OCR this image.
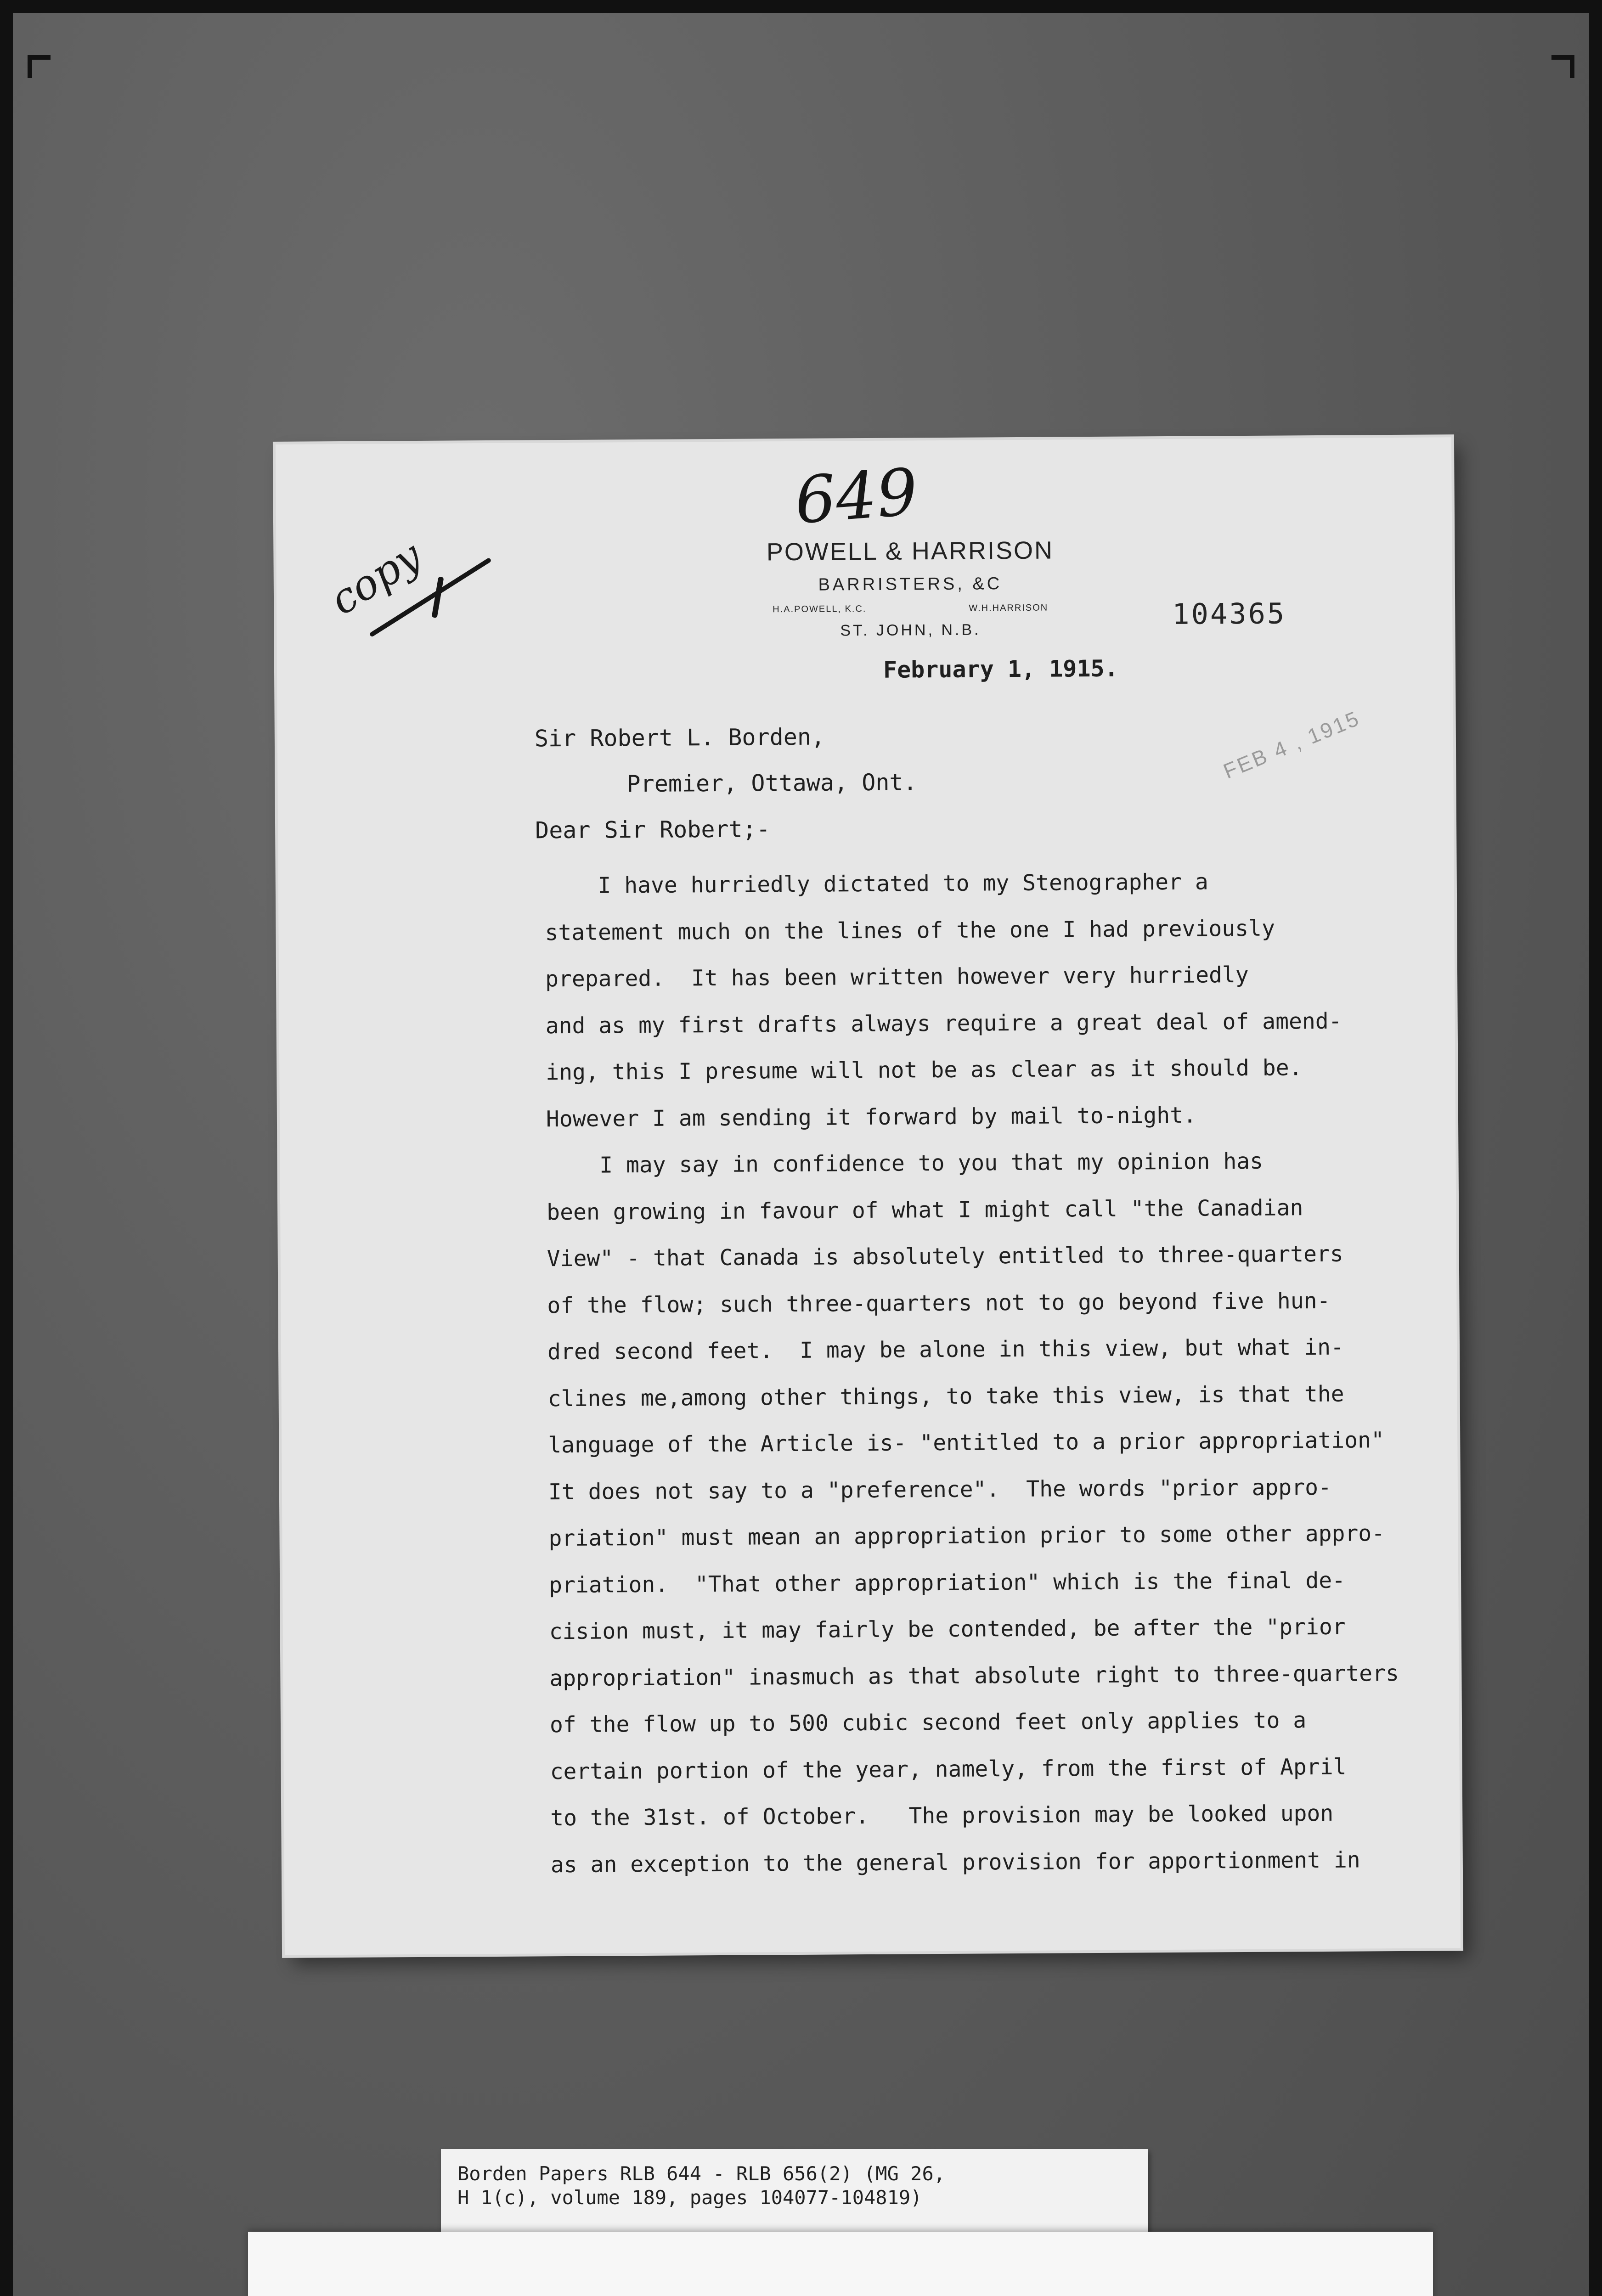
649
copy	POWELL & HARRISON
BARRISTERS, &C
H.A.POWELL, K.C.	W.H.HARRISON
ST. JOHN, N.B.	104365
FEB 4 , 1915
February 1, 1915.
Sir Robert L. Borden,
Premier, Ottawa, Ont.
Dear Sir Robert;-
I have hurriedly dictated to my Stenographer a
statement much on the lines of the one I had previously
prepared.  It has been written however very hurriedly
and as my first drafts always require a great deal of amend-
ing, this I presume will not be as clear as it should be.
However I am sending it forward by mail to-night.
I may say in confidence to you that my opinion has
been growing in favour of what I might call "the Canadian
View" - that Canada is absolutely entitled to three-quarters
of the flow; such three-quarters not to go beyond five hun-
dred second feet.  I may be alone in this view, but what in-
clines me,among other things, to take this view, is that the
language of the Article is- "entitled to a prior appropriation"
It does not say to a "preference".  The words "prior appro-
priation" must mean an appropriation prior to some other appro-
priation.  "That other appropriation" which is the final de-
cision must, it may fairly be contended, be after the "prior
appropriation" inasmuch as that absolute right to three-quarters
of the flow up to 500 cubic second feet only applies to a
certain portion of the year, namely, from the first of April
to the 31st. of October.   The provision may be looked upon
as an exception to the general provision for apportionment in
Borden Papers RLB 644 - RLB 656(2) (MG 26,
H 1(c), volume 189, pages 104077-104819)
